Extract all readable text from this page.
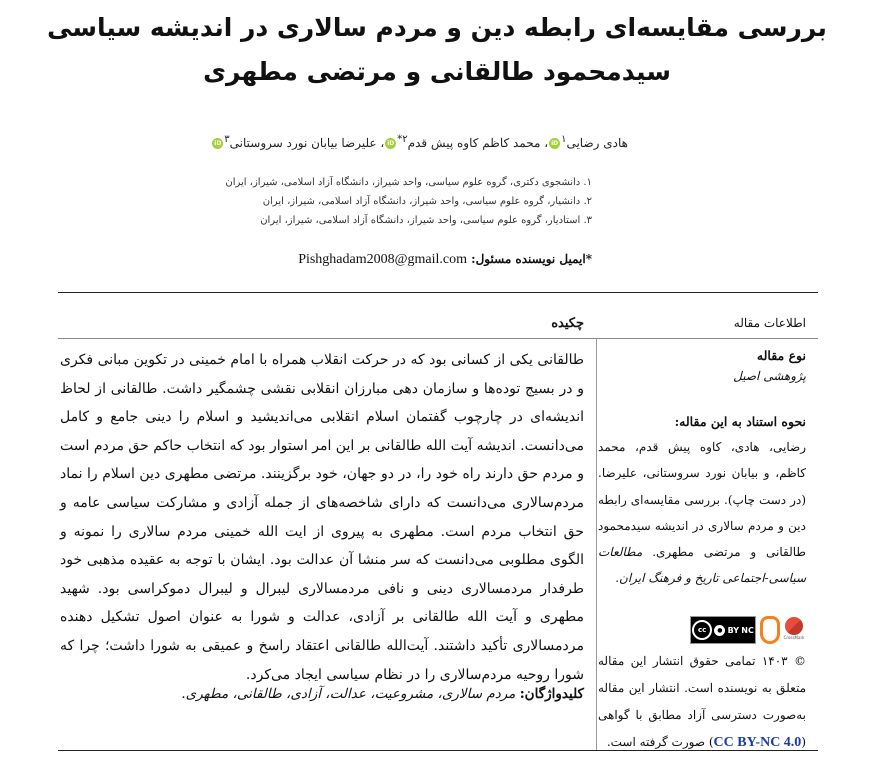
بررسی مقایسه‌ای رابطه دین و مردم سالاری در اندیشه سیاسی سیدمحمود طالقانی و مرتضی مطهری
هادی رضایی$^۱$iD، محمد کاظم کاوه پیش قدم$^{۲*}$iD، علیرضا بیابان نورد سروستانی$^۳$iD
۱. دانشجوی دکتری، گروه علوم سیاسی، واحد شیراز، دانشگاه آزاد اسلامی، شیراز، ایران
۲. دانشیار، گروه علوم سیاسی، واحد شیراز، دانشگاه آزاد اسلامی، شیراز، ایران
۳. استادیار، گروه علوم سیاسی، واحد شیراز، دانشگاه آزاد اسلامی، شیراز، ایران
*ایمیل نویسنده مسئول: Pishghadam2008@gmail.com
اطلاعات مقاله
چکیده
طالقانی یکی از کسانی بود که در حرکت انقلاب همراه با امام خمینی در تکوین مبانی فکری و در بسیج توده‌ها و سازمان دهی مبارزان انقلابی نقشی چشمگیر داشت. طالقانی از لحاظ اندیشه‌ای در چارچوب گفتمان اسلام انقلابی می‌اندیشید و اسلام را دینی جامع و کامل می‌دانست. اندیشه آیت الله طالقانی بر این امر استوار بود که انتخاب حاکم حق مردم است و مردم حق دارند راه خود را، در دو جهان، خود برگزینند. مرتضی مطهری دین اسلام را نماد مردم‌سالاری می‌دانست که دارای شاخصه‌های از جمله آزادی و مشارکت سیاسی عامه و حق انتخاب مردم است. مطهری به پیروی از ایت الله خمینی مردم سالاری را نمونه و الگوی مطلوبی می‌دانست که سر منشا آن عدالت بود. ایشان با توجه به عقیده مذهبی خود طرفدار مردمسالاری دینی و نافی مردمسالاری لیبرال و لیبرال دموکراسی بود. شهید مطهری و آیت الله طالقانی بر آزادی، عدالت و شورا به عنوان اصول تشکیل دهنده مردمسالاری تأکید داشتند. آیت‌الله طالقانی اعتقاد راسخ و عمیقی به شورا داشت؛ چرا که شورا روحیه مردم‌سالاری را در نظام سیاسی ایجاد می‌کرد.
کلیدواژگان: مردم سالاری، مشروعیت، عدالت، آزادی، طالقانی، مطهری.
نوع مقاله
پژوهشی اصیل
نحوه استناد به این مقاله:
رضایی، هادی، کاوه پیش قدم، محمد کاظم، و بیابان نورد سروستانی، علیرضا. (در دست چاپ). بررسی مقایسه‌ای رابطه دین و مردم سالاری در اندیشه سیدمحمود طالقانی و مرتضی مطهری. مطالعات سیاسی-اجتماعی تاریخ و فرهنگ ایران.
CrossMark
cc	● BY NC
© ۱۴۰۳ تمامی حقوق انتشار این مقاله متعلق به نویسنده است. انتشار این مقاله به‌صورت دسترسی آزاد مطابق با گواهی (CC BY-NC 4.0) صورت گرفته است.
